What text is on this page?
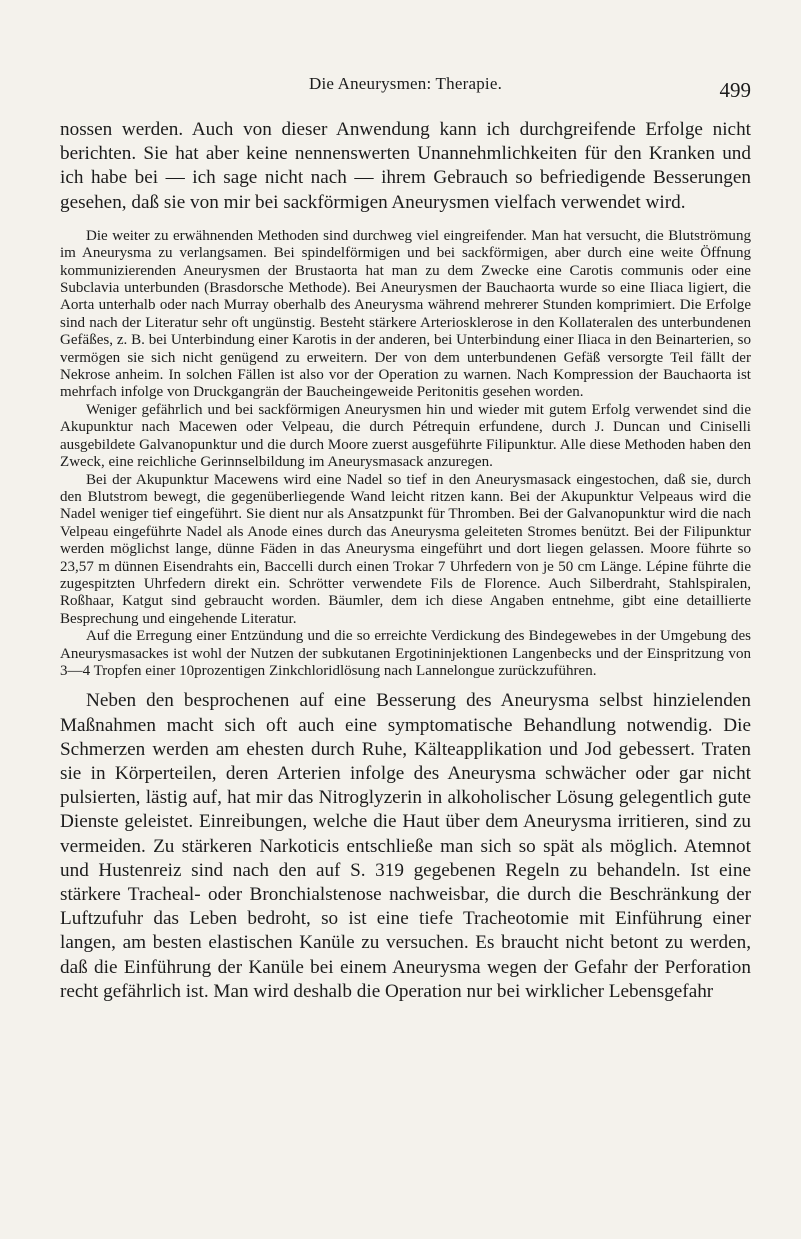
Die Aneurysmen: Therapie.	499

nossen werden. Auch von dieser Anwendung kann ich durchgreifende Erfolge nicht berichten. Sie hat aber keine nennenswerten Unannehmlichkeiten für den Kranken und ich habe bei — ich sage nicht nach — ihrem Gebrauch so befriedigende Besserungen gesehen, daß sie von mir bei sackförmigen Aneurysmen vielfach verwendet wird.

Die weiter zu erwähnenden Methoden sind durchweg viel eingreifender. Man hat versucht, die Blutströmung im Aneurysma zu verlangsamen. Bei spindelförmigen und bei sackförmigen, aber durch eine weite Öffnung kommunizierenden Aneurysmen der Brustaorta hat man zu dem Zwecke eine Carotis communis oder eine Subclavia unterbunden (Brasdorsche Methode). Bei Aneurysmen der Bauchaorta wurde so eine Iliaca ligiert, die Aorta unterhalb oder nach Murray oberhalb des Aneurysma während mehrerer Stunden komprimiert. Die Erfolge sind nach der Literatur sehr oft ungünstig. Besteht stärkere Arteriosklerose in den Kollateralen des unterbundenen Gefäßes, z. B. bei Unterbindung einer Karotis in der anderen, bei Unterbindung einer Iliaca in den Beinarterien, so vermögen sie sich nicht genügend zu erweitern. Der von dem unterbundenen Gefäß versorgte Teil fällt der Nekrose anheim. In solchen Fällen ist also vor der Operation zu warnen. Nach Kompression der Bauchaorta ist mehrfach infolge von Druckgangrän der Baucheingeweide Peritonitis gesehen worden.

Weniger gefährlich und bei sackförmigen Aneurysmen hin und wieder mit gutem Erfolg verwendet sind die Akupunktur nach Macewen oder Velpeau, die durch Pétrequin erfundene, durch J. Duncan und Ciniselli ausgebildete Galvanopunktur und die durch Moore zuerst ausgeführte Filipunktur. Alle diese Methoden haben den Zweck, eine reichliche Gerinnselbildung im Aneurysmasack anzuregen.

Bei der Akupunktur Macewens wird eine Nadel so tief in den Aneurysmasack eingestochen, daß sie, durch den Blutstrom bewegt, die gegenüberliegende Wand leicht ritzen kann. Bei der Akupunktur Velpeaus wird die Nadel weniger tief eingeführt. Sie dient nur als Ansatzpunkt für Thromben. Bei der Galvanopunktur wird die nach Velpeau eingeführte Nadel als Anode eines durch das Aneurysma geleiteten Stromes benützt. Bei der Filipunktur werden möglichst lange, dünne Fäden in das Aneurysma eingeführt und dort liegen gelassen. Moore führte so 23,57 m dünnen Eisendrahts ein, Baccelli durch einen Trokar 7 Uhrfedern von je 50 cm Länge. Lépine führte die zugespitzten Uhrfedern direkt ein. Schrötter verwendete Fils de Florence. Auch Silberdraht, Stahlspiralen, Roßhaar, Katgut sind gebraucht worden. Bäumler, dem ich diese Angaben entnehme, gibt eine detaillierte Besprechung und eingehende Literatur.

Auf die Erregung einer Entzündung und die so erreichte Verdickung des Bindegewebes in der Umgebung des Aneurysmasackes ist wohl der Nutzen der subkutanen Ergotininjektionen Langenbecks und der Einspritzung von 3—4 Tropfen einer 10prozentigen Zinkchloridlösung nach Lannelongue zurückzuführen.

Neben den besprochenen auf eine Besserung des Aneurysma selbst hinzielenden Maßnahmen macht sich oft auch eine symptomatische Behandlung notwendig. Die Schmerzen werden am ehesten durch Ruhe, Kälteapplikation und Jod gebessert. Traten sie in Körperteilen, deren Arterien infolge des Aneurysma schwächer oder gar nicht pulsierten, lästig auf, hat mir das Nitroglyzerin in alkoholischer Lösung gelegentlich gute Dienste geleistet. Einreibungen, welche die Haut über dem Aneurysma irritieren, sind zu vermeiden. Zu stärkeren Narkoticis entschließe man sich so spät als möglich. Atemnot und Hustenreiz sind nach den auf S. 319 gegebenen Regeln zu behandeln. Ist eine stärkere Tracheal- oder Bronchialstenose nachweisbar, die durch die Beschränkung der Luftzufuhr das Leben bedroht, so ist eine tiefe Tracheotomie mit Einführung einer langen, am besten elastischen Kanüle zu versuchen. Es braucht nicht betont zu werden, daß die Einführung der Kanüle bei einem Aneurysma wegen der Gefahr der Perforation recht gefährlich ist. Man wird deshalb die Operation nur bei wirklicher Lebensgefahr
